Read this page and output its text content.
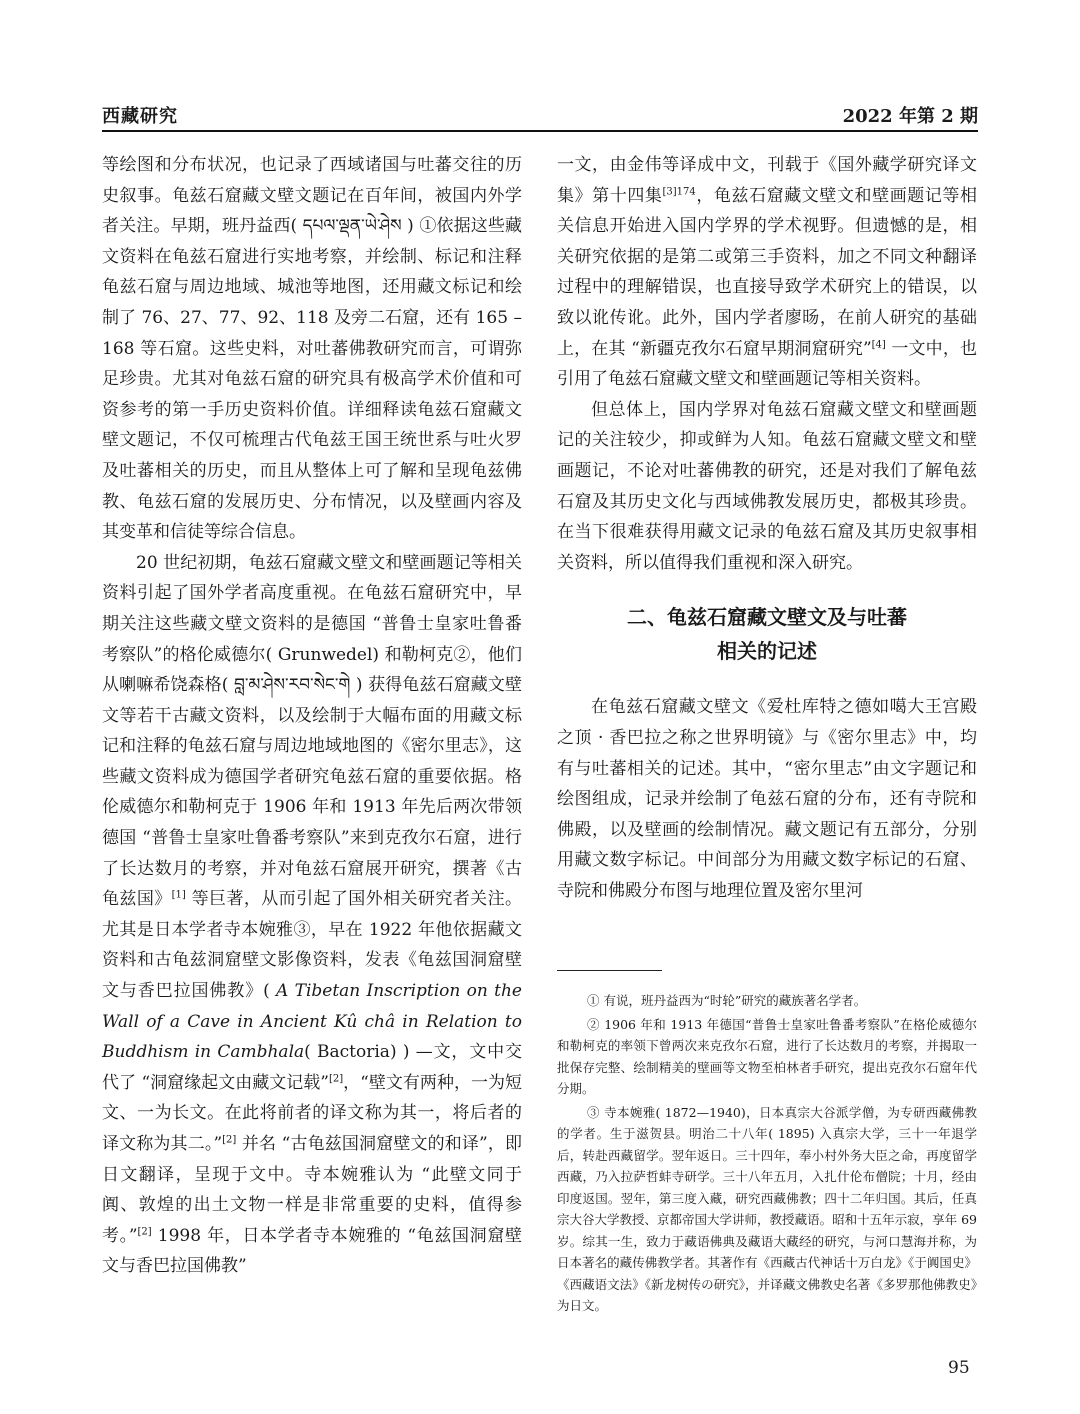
西藏研究	2022 年第 2 期

等绘图和分布状况，也记录了西域诸国与吐蕃交往的历史叙事。龟兹石窟藏文壁文题记在百年间，被国内外学者关注。早期，班丹益西( དཔལ་ལྡན་ཡེ་ཤེས ) ①依据这些藏文资料在龟兹石窟进行实地考察，并绘制、标记和注释龟兹石窟与周边地域、城池等地图，还用藏文标记和绘制了 76、27、77、92、118 及旁二石窟，还有 165 – 168 等石窟。这些史料，对吐蕃佛教研究而言，可谓弥足珍贵。尤其对龟兹石窟的研究具有极高学术价值和可资参考的第一手历史资料价值。详细释读龟兹石窟藏文壁文题记，不仅可梳理古代龟兹王国王统世系与吐火罗及吐蕃相关的历史，而且从整体上可了解和呈现龟兹佛教、龟兹石窟的发展历史、分布情况，以及壁画内容及其变革和信徒等综合信息。

20 世纪初期，龟兹石窟藏文壁文和壁画题记等相关资料引起了国外学者高度重视。在龟兹石窟研究中，早期关注这些藏文壁文资料的是德国 “普鲁士皇家吐鲁番考察队”的格伦威德尔( Grunwedel) 和勒柯克②，他们从喇嘛希饶森格( བླ་མ་ཤེས་རབ་སེང་གེ ) 获得龟兹石窟藏文壁文等若干古藏文资料，以及绘制于大幅布面的用藏文标记和注释的龟兹石窟与周边地域地图的《密尔里志》，这些藏文资料成为德国学者研究龟兹石窟的重要依据。格伦威德尔和勒柯克于 1906 年和 1913 年先后两次带领德国 “普鲁士皇家吐鲁番考察队”来到克孜尔石窟，进行了长达数月的考察，并对龟兹石窟展开研究，撰著《古龟兹国》[1] 等巨著，从而引起了国外相关研究者关注。尤其是日本学者寺本婉雅③，早在 1922 年他依据藏文资料和古龟兹洞窟壁文影像资料，发表《龟兹国洞窟壁文与香巴拉国佛教》( A Tibetan Inscription on the Wall of a Cave in Ancient Kû châ in Relation to Buddhism in Cambhala( Bactoria) ) —文，文中交代了 “洞窟缘起文由藏文记载”[2]，“壁文有两种，一为短文、一为长文。在此将前者的译文称为其一，将后者的译文称为其二。”[2] 并名 “古龟兹国洞窟壁文的和译”，即日文翻译，呈现于文中。寺本婉雅认为 “此壁文同于阗、敦煌的出土文物一样是非常重要的史料，值得参考。”[2] 1998 年，日本学者寺本婉雅的 “龟兹国洞窟壁文与香巴拉国佛教”

一文，由金伟等译成中文，刊载于《国外藏学研究译文集》第十四集$^{[3]174}$，龟兹石窟藏文壁文和壁画题记等相关信息开始进入国内学界的学术视野。但遗憾的是，相关研究依据的是第二或第三手资料，加之不同文种翻译过程中的理解错误，也直接导致学术研究上的错误，以致以讹传讹。此外，国内学者廖旸，在前人研究的基础上，在其 “新疆克孜尔石窟早期洞窟研究”[4] 一文中，也引用了龟兹石窟藏文壁文和壁画题记等相关资料。

但总体上，国内学界对龟兹石窟藏文壁文和壁画题记的关注较少，抑或鲜为人知。龟兹石窟藏文壁文和壁画题记，不论对吐蕃佛教的研究，还是对我们了解龟兹石窟及其历史文化与西域佛教发展历史，都极其珍贵。在当下很难获得用藏文记录的龟兹石窟及其历史叙事相关资料，所以值得我们重视和深入研究。

二、龟兹石窟藏文壁文及与吐蕃
相关的记述

在龟兹石窟藏文壁文《爱杜库特之德如噶大王宫殿之顶 · 香巴拉之称之世界明镜》与《密尔里志》中，均有与吐蕃相关的记述。其中，“密尔里志”由文字题记和绘图组成，记录并绘制了龟兹石窟的分布，还有寺院和佛殿，以及壁画的绘制情况。藏文题记有五部分，分别用藏文数字标记。中间部分为用藏文数字标记的石窟、寺院和佛殿分布图与地理位置及密尔里河

① 有说，班丹益西为“时轮”研究的藏族著名学者。

② 1906 年和 1913 年德国“普鲁士皇家吐鲁番考察队”在格伦威德尔和勒柯克的率领下曾两次来克孜尔石窟，进行了长达数月的考察，并揭取一批保存完整、绘制精美的壁画等文物至柏林者手研究，提出克孜尔石窟年代分期。

③ 寺本婉雅( 1872—1940)，日本真宗大谷派学僧，为专研西藏佛教的学者。生于滋贺县。明治二十八年( 1895) 入真宗大学，三十一年退学后，转赴西藏留学。翌年返日。三十四年，奉小村外务大臣之命，再度留学西藏，乃入拉萨哲蚌寺研学。三十八年五月，入扎什伦布僧院；十月，经由印度返国。翌年，第三度入藏，研究西藏佛教；四十二年归国。其后，任真宗大谷大学教授、京都帝国大学讲师，教授藏语。昭和十五年示寂，享年 69 岁。综其一生，致力于藏语佛典及藏语大藏经的研究，与河口慧海并称，为日本著名的藏传佛教学者。其著作有《西藏古代神话十万白龙》《于阗国史》《西藏语文法》《新龙树传の研究》，并译藏文佛教史名著《多罗那他佛教史》为日文。

95
